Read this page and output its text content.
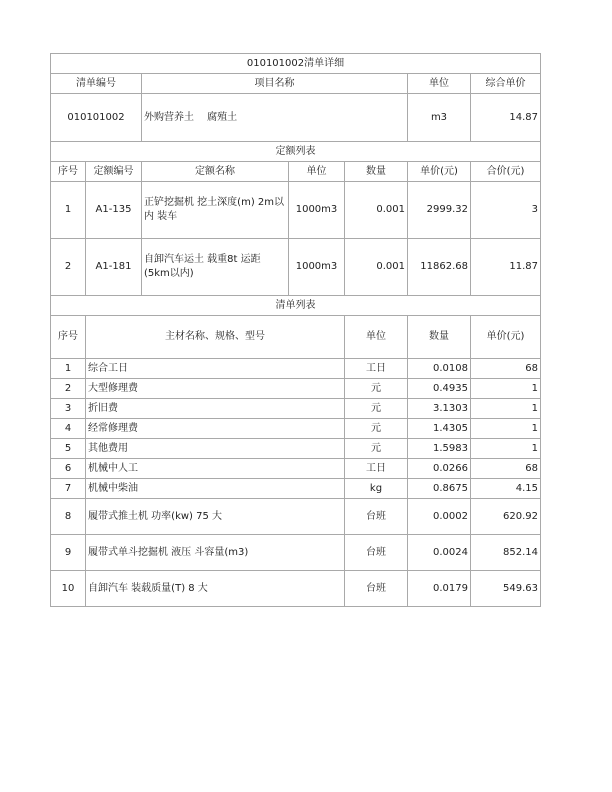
010101002清单详细							
清单编号		项目名称			单位	综合单价	
010101002		外购营养土　 腐殖土			m3	14.87	
定额列表							
序号	定额编号	定额名称	单位	数量	单价(元)	合价(元)	
1	A1-135	正铲挖掘机 挖土深度(m) 2m以内 装车	1000m3	0.001	2999.32	3	
2	A1-181	自卸汽车运土 载重8t 运距(5km以内)	1000m3	0.001	11862.68	11.87	
清单列表							
序号	主材名称、规格、型号			单位	数量	单价(元)	
1	综合工日			工日	0.0108	68	
2	大型修理费			元	0.4935	1	
3	折旧费			元	3.1303	1	
4	经常修理费			元	1.4305	1	
5	其他费用			元	1.5983	1	
6	机械中人工			工日	0.0266	68	
7	机械中柴油			kg	0.8675	4.15	
8	履带式推土机 功率(kw) 75 大			台班	0.0002	620.92	
9	履带式单斗挖掘机 液压 斗容量(m3)			台班	0.0024	852.14	
10	自卸汽车 装载质量(T) 8 大			台班	0.0179	549.63	
